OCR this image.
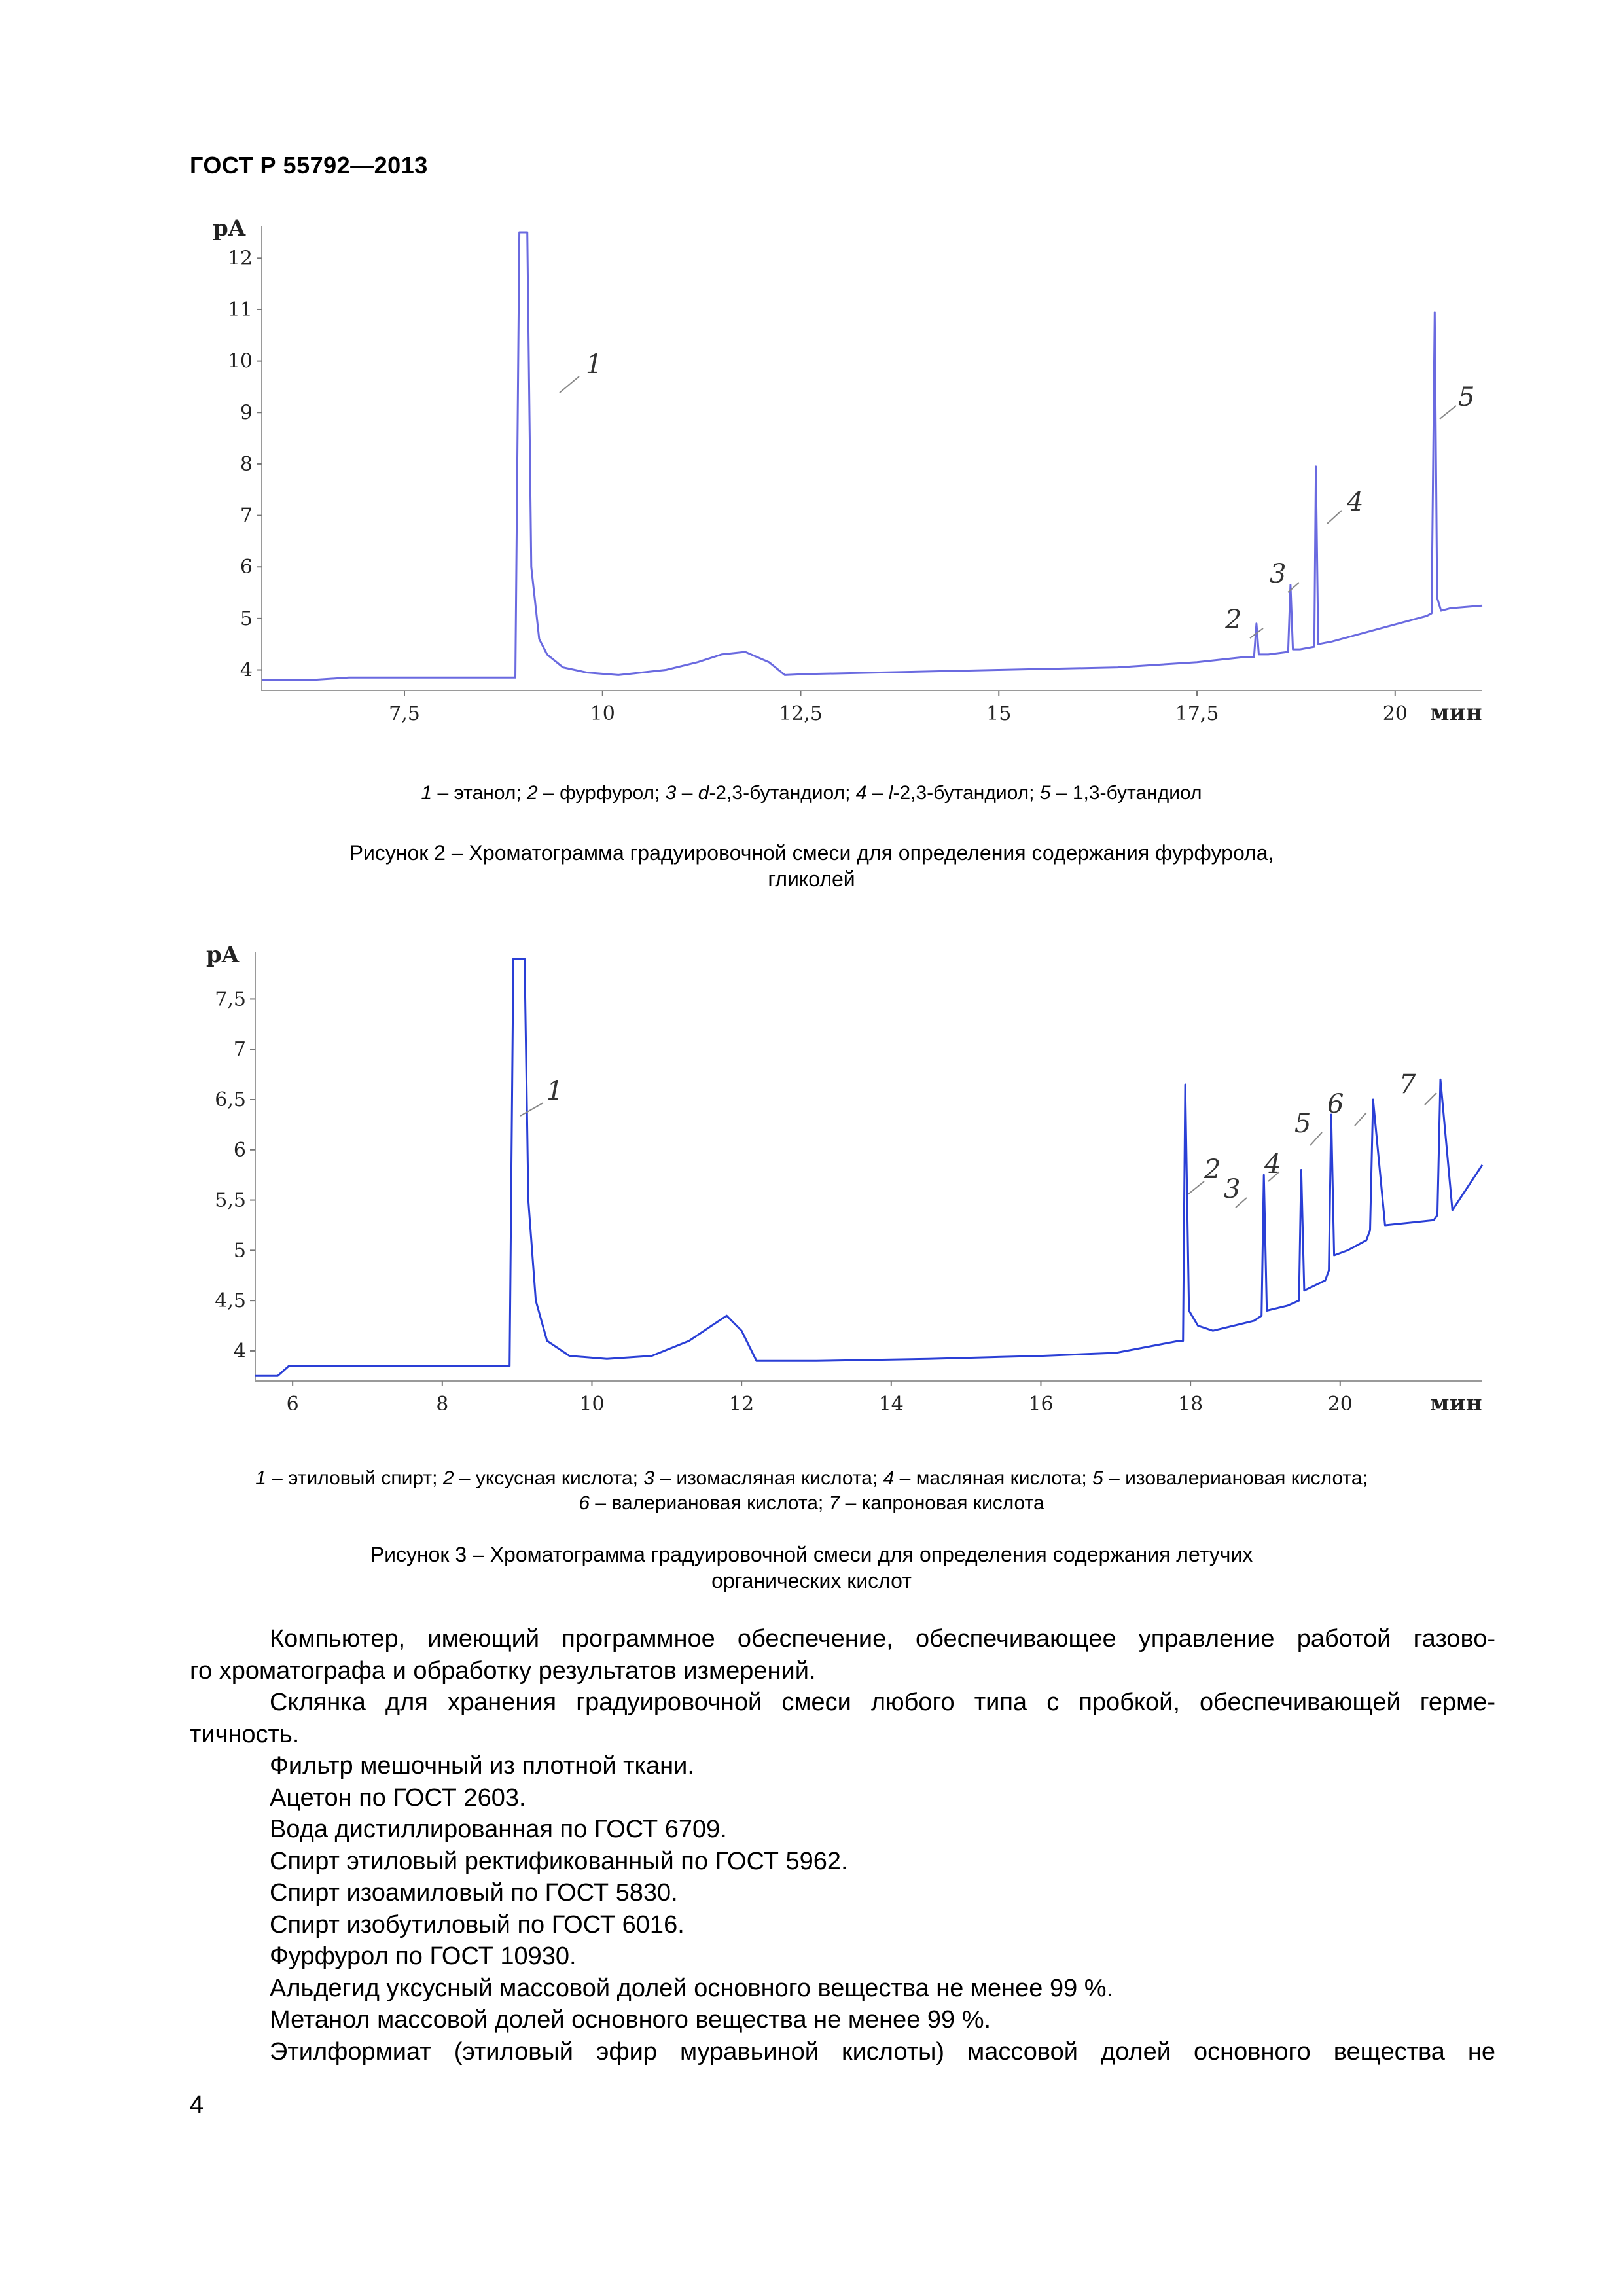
ГОСТ Р 55792—2013
4
5
6
7
8
9
10
11
12
7,5	10	12,5	15	17,5	20
pA
мин
1
2
3
4
5
1 – этанол; 2 – фурфурол; 3 – d-2,3-бутандиол; 4 – l-2,3-бутандиол; 5 – 1,3-бутандиол
Рисунок 2 – Хроматограмма градуировочной смеси для определения содержания фурфурола,
гликолей
4
4,5
5
5,5
6
6,5
7
7,5
6	8	10	12	14	16	18	20
pA
мин
1
2
3
4
5
6
7
1 – этиловый спирт; 2 – уксусная кислота; 3 – изомасляная кислота; 4 – масляная кислота; 5 – изовалериановая кислота;
6 – валериановая кислота; 7 – капроновая кислота
Рисунок 3 – Хроматограмма градуировочной смеси для определения содержания летучих
органических кислот

Компьютер, имеющий программное обеспечение, обеспечивающее управление работой газово-

го хроматографа и обработку результатов измерений.

Склянка для хранения градуировочной смеси любого типа с пробкой, обеспечивающей герме-

тичность.

Фильтр мешочный из плотной ткани.

Ацетон по ГОСТ 2603.

Вода дистиллированная по ГОСТ 6709.

Спирт этиловый ректификованный по ГОСТ 5962.

Спирт изоамиловый по ГОСТ 5830.

Спирт изобутиловый по ГОСТ 6016.

Фурфурол по ГОСТ 10930.

Альдегид уксусный массовой долей основного вещества не менее 99 %.

Метанол массовой долей основного вещества не менее 99 %.

Этилформиат (этиловый эфир муравьиной кислоты) массовой долей основного вещества не

4
